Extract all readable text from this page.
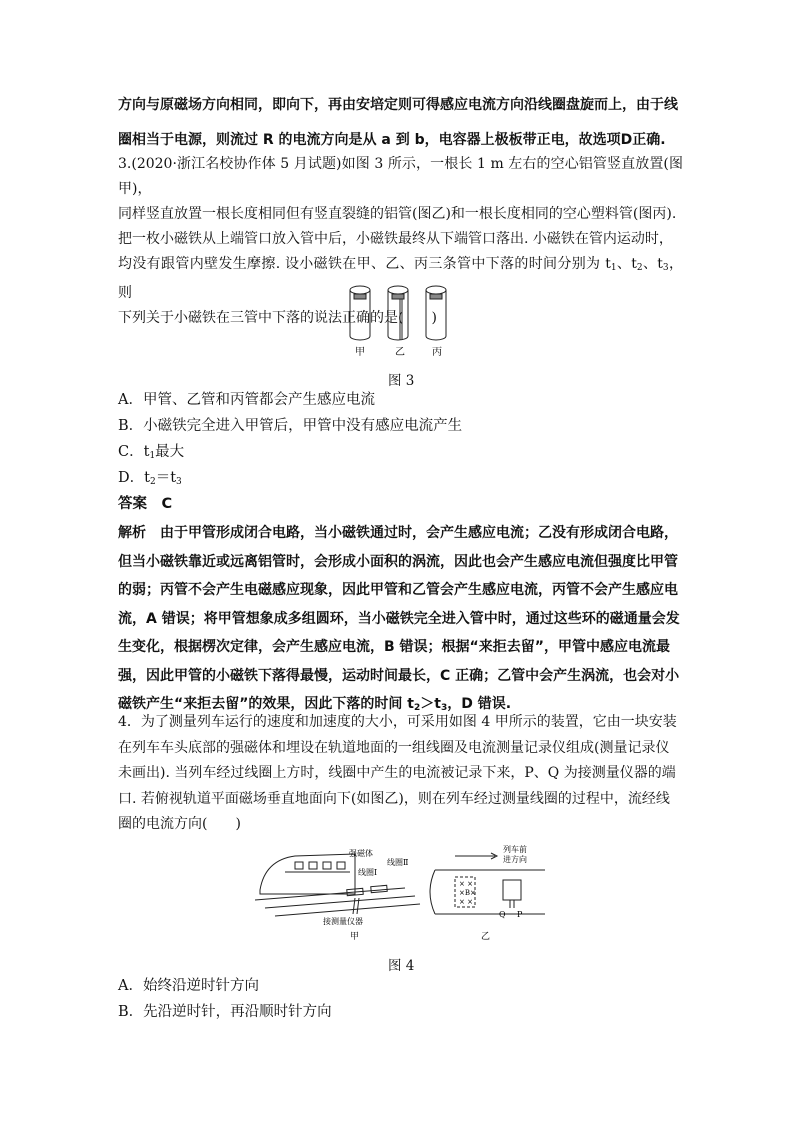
方向与原磁场方向相同，即向下，再由安培定则可得感应电流方向沿线圈盘旋而上，由于线
圈相当于电源，则流过 R 的电流方向是从 a 到 b，电容器上极板带正电，故选项D正确.
3.(2020·浙江名校协作体 5 月试题)如图 3 所示，一根长 1 m 左右的空心铝管竖直放置(图甲)，
同样竖直放置一根长度相同但有竖直裂缝的铝管(图乙)和一根长度相同的空心塑料管(图丙).
把一枚小磁铁从上端管口放入管中后，小磁铁最终从下端管口落出. 小磁铁在管内运动时，
均没有跟管内壁发生摩擦. 设小磁铁在甲、乙、丙三条管中下落的时间分别为 $t_1$、$t_2$、$t_3$，则
下列关于小磁铁在三管中下落的说法正确的是(　　)
甲	乙	丙
图 3
A．甲管、乙管和丙管都会产生感应电流
B．小磁铁完全进入甲管后，甲管中没有感应电流产生
C．$t_1$最大
D．$t_2=t_3$
答案　C
解析　由于甲管形成闭合电路，当小磁铁通过时，会产生感应电流；乙没有形成闭合电路，
但当小磁铁靠近或远离铝管时，会形成小面积的涡流，因此也会产生感应电流但强度比甲管
的弱；丙管不会产生电磁感应现象，因此甲管和乙管会产生感应电流，丙管不会产生感应电
流，A 错误；将甲管想象成多组圆环，当小磁铁完全进入管中时，通过这些环的磁通量会发
生变化，根据楞次定律，会产生感应电流，B 错误；根据“来拒去留”，甲管中感应电流最
强，因此甲管的小磁铁下落得最慢，运动时间最长，C 正确；乙管中会产生涡流，也会对小
磁铁产生“来拒去留”的效果，因此下落的时间 $t_2>t_3$，D 错误.
4．为了测量列车运行的速度和加速度的大小，可采用如图 4 甲所示的装置，它由一块安装
在列车车头底部的强磁体和埋设在轨道地面的一组线圈及电流测量记录仪组成(测量记录仪
未画出). 当列车经过线圈上方时，线圈中产生的电流被记录下来，P、Q 为接测量仪器的端
口. 若俯视轨道平面磁场垂直地面向下(如图乙)，则在列车经过测量线圈的过程中，流经线
圈的电流方向(　　)
强磁体
线圈Ⅰ
线圈Ⅱ
接测量仪器
甲
× ×
×B×
× ×
列车前
进方向
Q P
乙
图 4
A．始终沿逆时针方向
B．先沿逆时针，再沿顺时针方向
